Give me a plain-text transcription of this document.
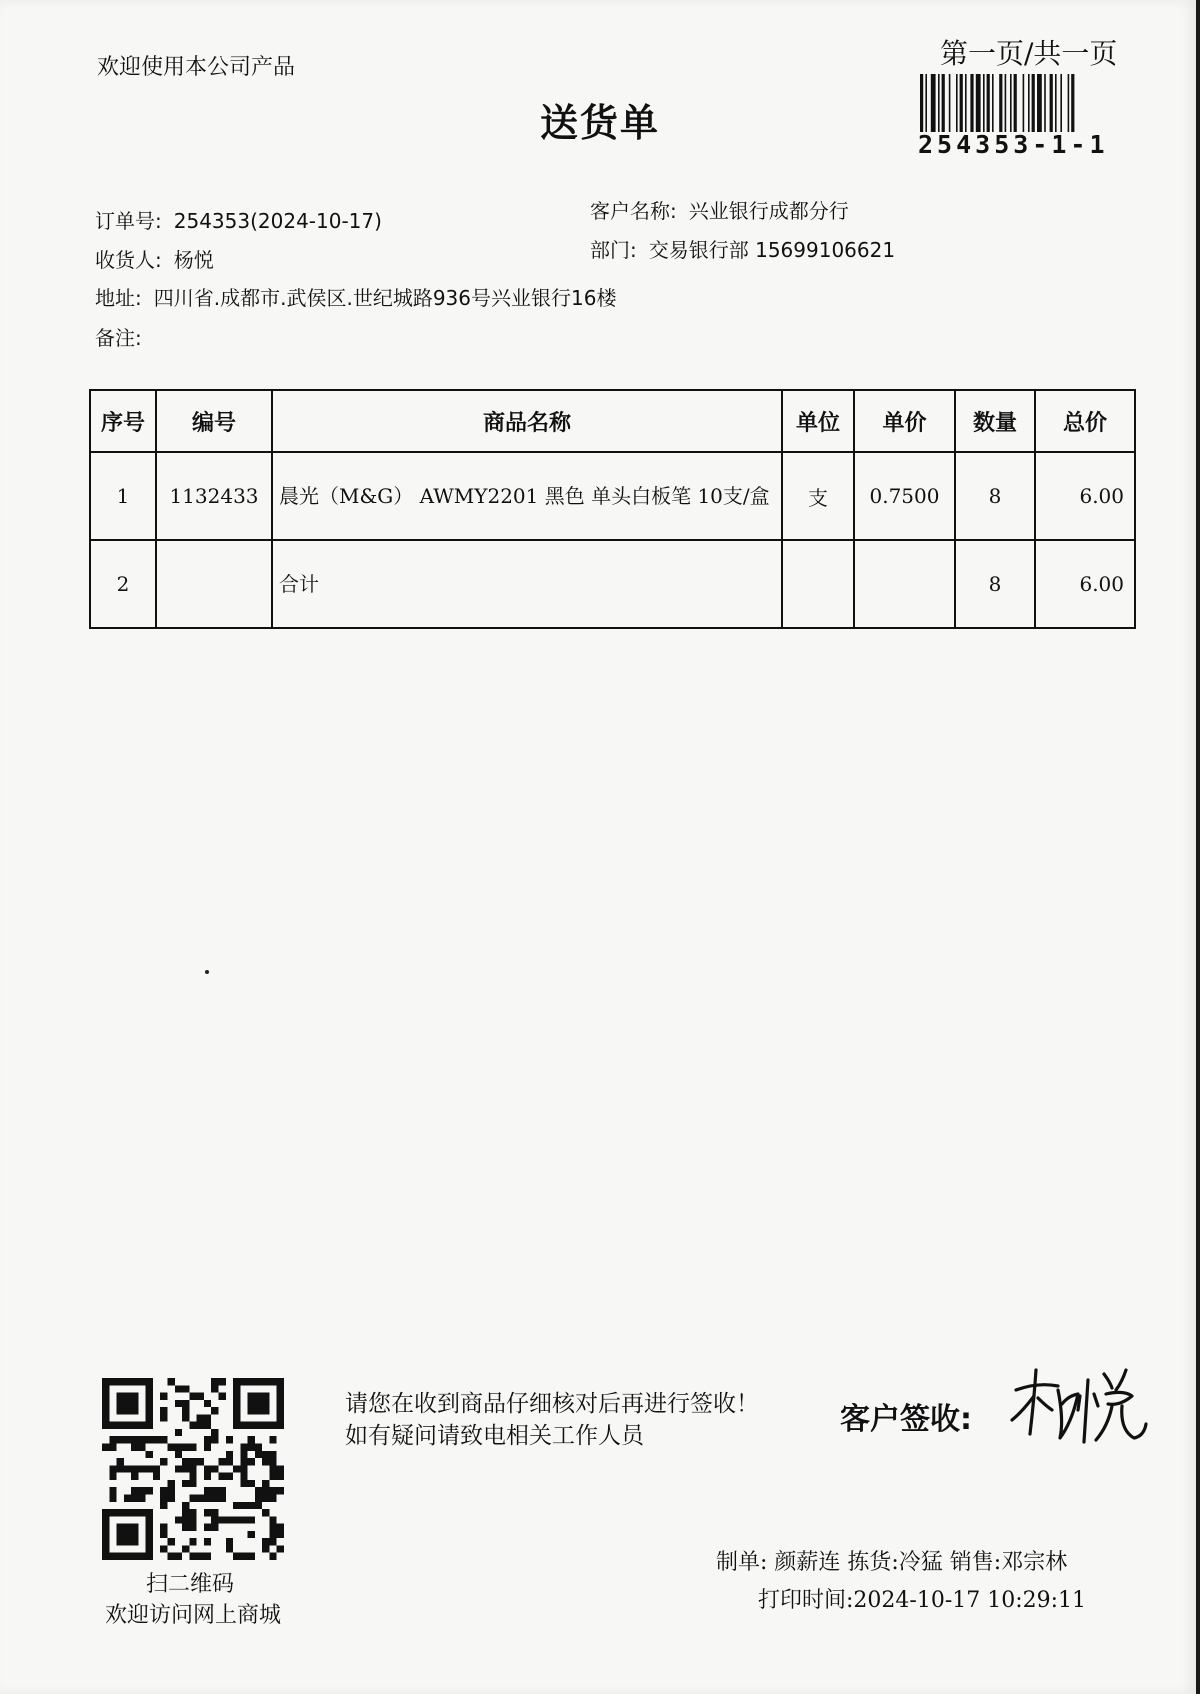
欢迎使用本公司产品
送货单
第一页/共一页
254353-1-1
订单号: 254353(2024-10-17)
收货人: 杨悦
地址: 四川省.成都市.武侯区.世纪城路936号兴业银行16楼
备注:
客户名称: 兴业银行成都分行
部门: 交易银行部 15699106621
序号	编号	商品名称	单位	单价	数量	总价
1	1132433	晨光（M&G） AWMY2201 黑色 单头白板笔 10支/盒	支	0.7500	8	6.00
2		合计			8	6.00
扫二维码
欢迎访问网上商城
请您在收到商品仔细核对后再进行签收！如有疑问请致电相关工作人员	客户签收:
制单: 颜薪连 拣货:冷猛 销售:邓宗林
打印时间:2024-10-17 10:29:11
